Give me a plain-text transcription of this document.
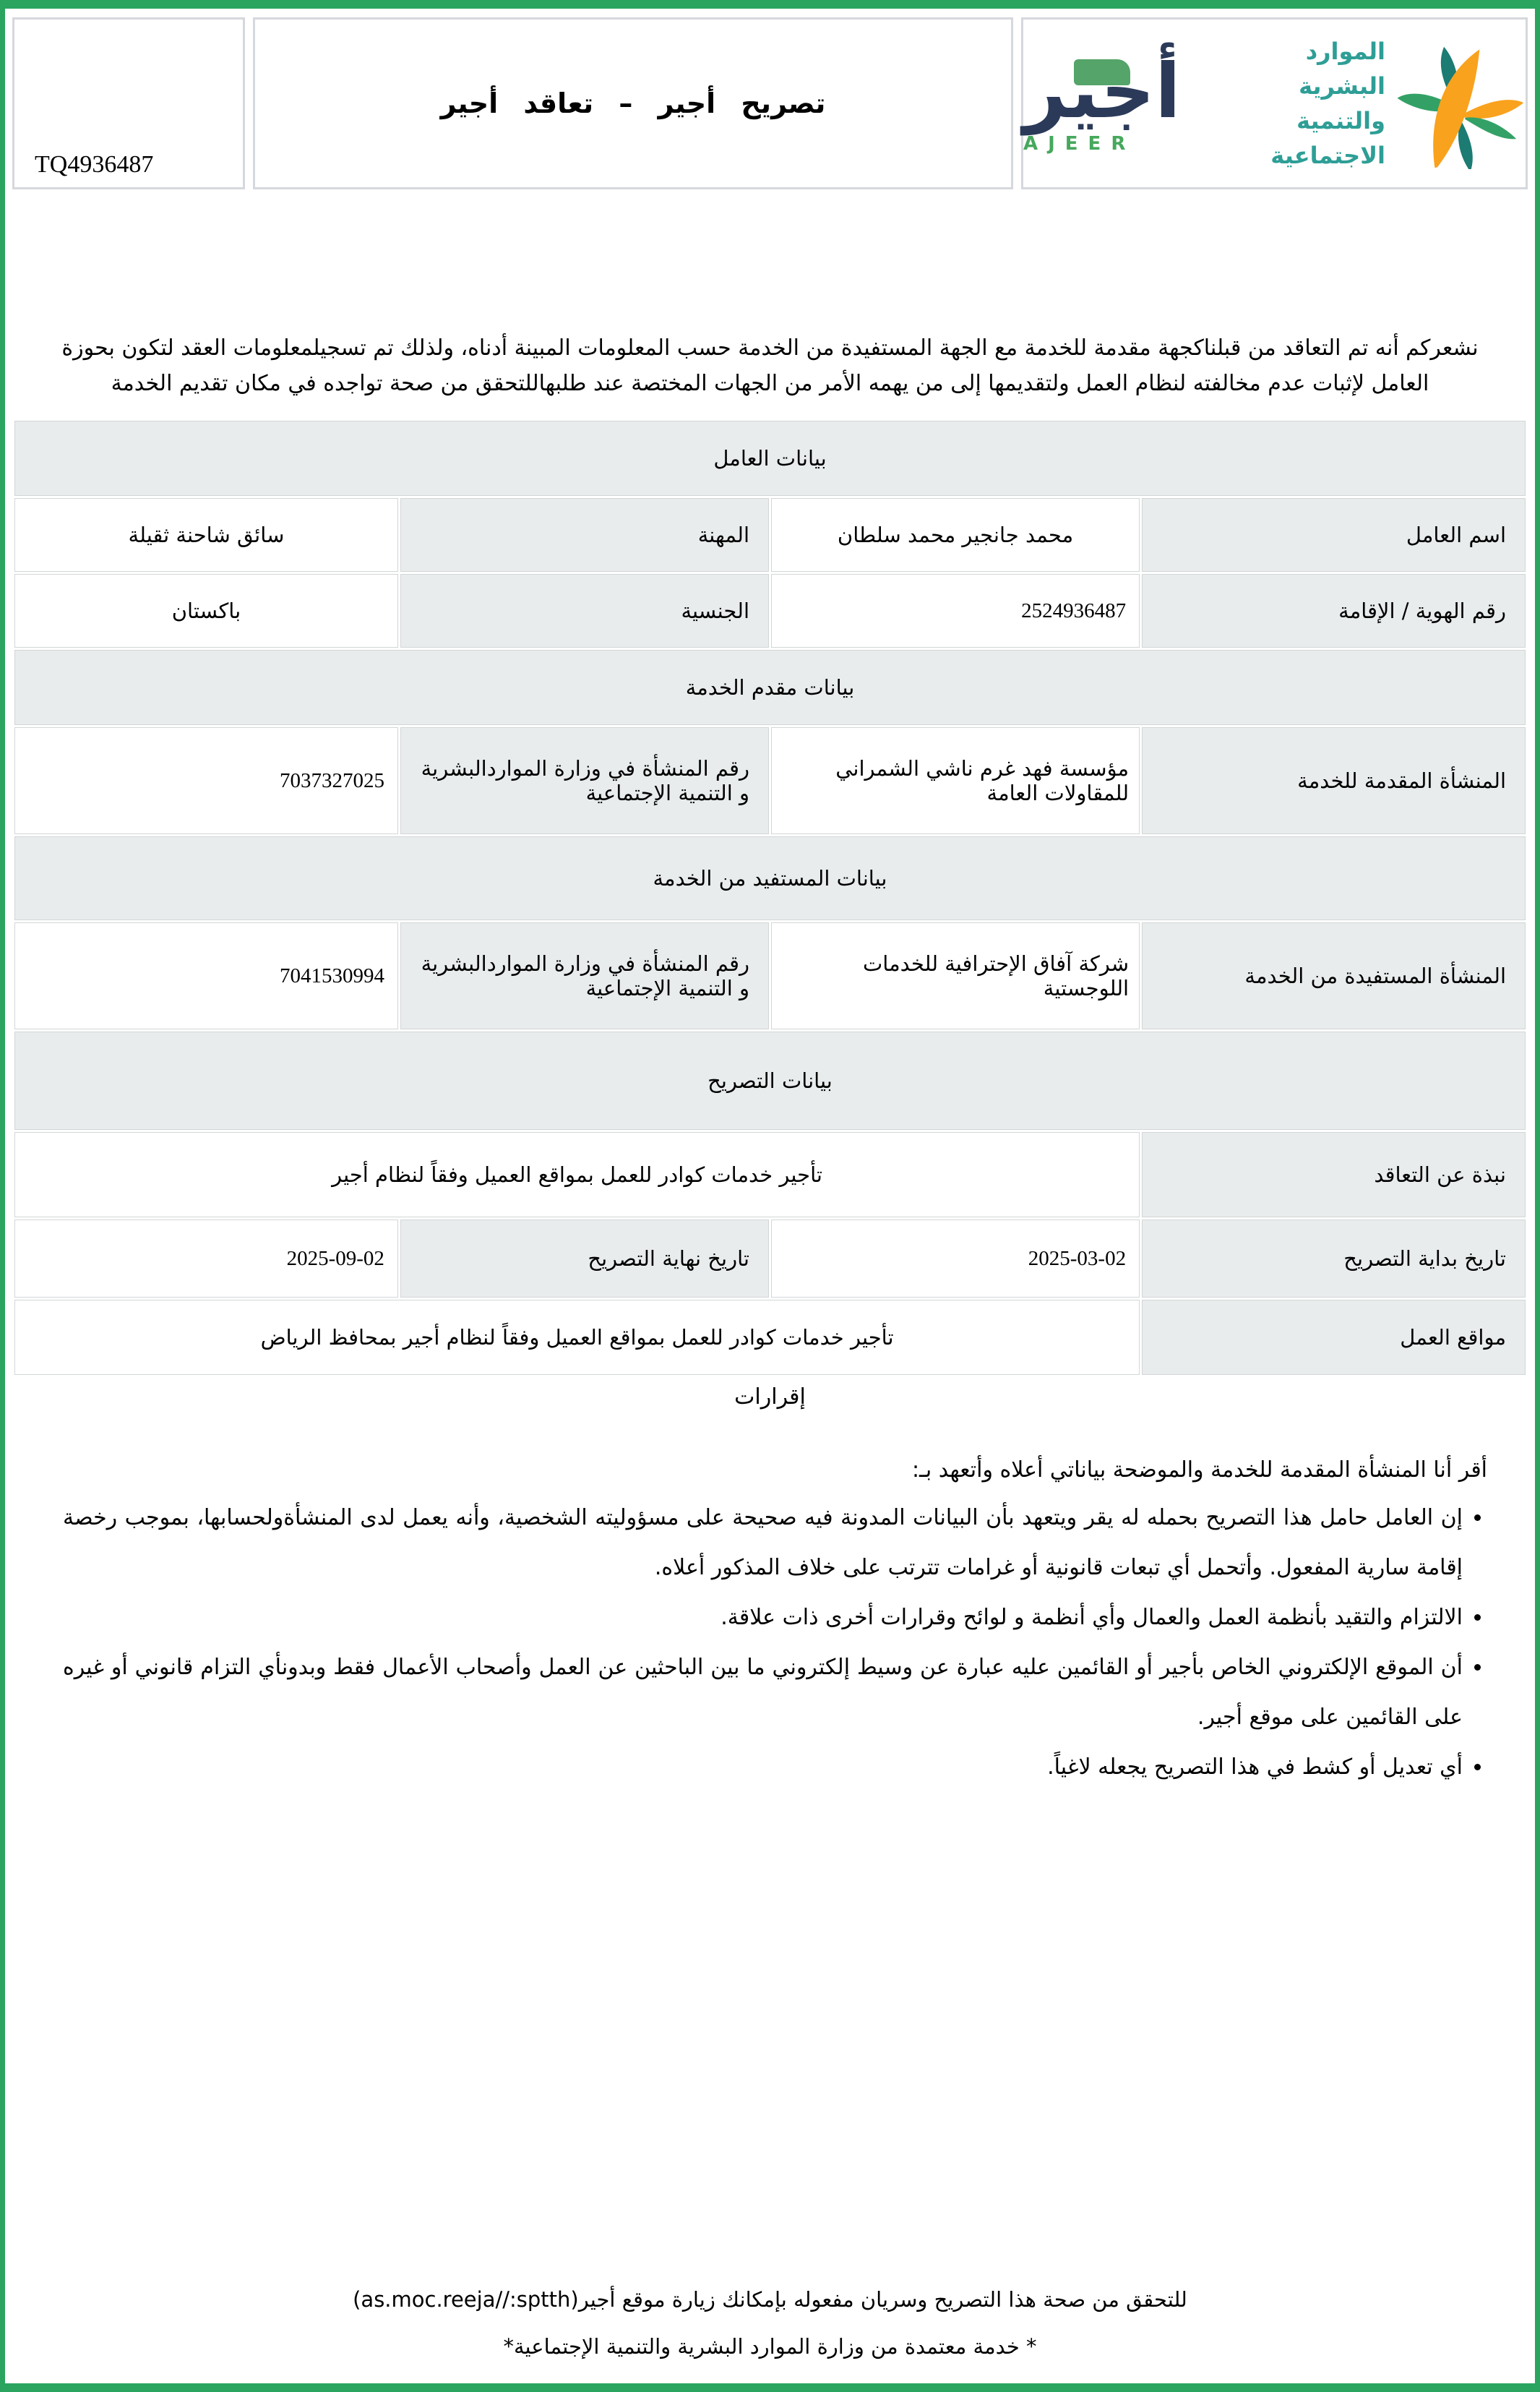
TQ4936487
تصريح أجير – تعاقد أجير	أجير
AJEER
الموارد البشرية
والتنمية الاجتماعية

نشعركم أنه تم التعاقد من قبلناكجهة مقدمة للخدمة مع الجهة المستفيدة من الخدمة حسب المعلومات المبينة أدناه، ولذلك تم تسجيلمعلومات العقد لتكون بحوزة العامل لإثبات عدم مخالفته لنظام العمل ولتقديمها إلى من يهمه الأمر من الجهات المختصة عند طلبهاللتحقق من صحة تواجده في مكان تقديم الخدمة

بيانات العامل			
اسم العامل	محمد جانجير محمد سلطان	المهنة	سائق شاحنة ثقيلة
رقم الهوية / الإقامة	2524936487	الجنسية	باكستان
بيانات مقدم الخدمة			
المنشأة المقدمة للخدمة	مؤسسة فهد غرم ناشي الشمراني للمقاولات العامة	رقم المنشأة في وزارة المواردالبشرية و التنمية الإجتماعية	7037327025
بيانات المستفيد من الخدمة			
المنشأة المستفيدة من الخدمة	شركة آفاق الإحترافية للخدمات اللوجستية	رقم المنشأة في وزارة المواردالبشرية و التنمية الإجتماعية	7041530994
بيانات التصريح			
نبذة عن التعاقد	تأجير خدمات كوادر للعمل بمواقع العميل وفقاً لنظام أجير		
تاريخ بداية التصريح	2025-03-02	تاريخ نهاية التصريح	2025-09-02
مواقع العمل	تأجير خدمات كوادر للعمل بمواقع العميل وفقاً لنظام أجير بمحافظ الرياض		
إقرارات

أقر أنا المنشأة المقدمة للخدمة والموضحة بياناتي أعلاه وأتعهد بـ:

• إن العامل حامل هذا التصريح بحمله له يقر ويتعهد بأن البيانات المدونة فيه صحيحة على مسؤوليته الشخصية، وأنه يعمل لدى المنشأةولحسابها، بموجب رخصة إقامة سارية المفعول. وأتحمل أي تبعات قانونية أو غرامات تترتب على خلاف المذكور أعلاه.
• الالتزام والتقيد بأنظمة العمل والعمال وأي أنظمة و لوائح وقرارات أخرى ذات علاقة.
• أن الموقع الإلكتروني الخاص بأجير أو القائمين عليه عبارة عن وسيط إلكتروني ما بين الباحثين عن العمل وأصحاب الأعمال فقط وبدونأي التزام قانوني أو غيره على القائمين على موقع أجير.
• أي تعديل أو كشط في هذا التصريح يجعله لاغياً.
للتحقق من صحة هذا التصريح وسريان مفعوله بإمكانك زيارة موقع أجير(as.moc.reeja//:sptth)
* خدمة معتمدة من وزارة الموارد البشرية والتنمية الإجتماعية*
